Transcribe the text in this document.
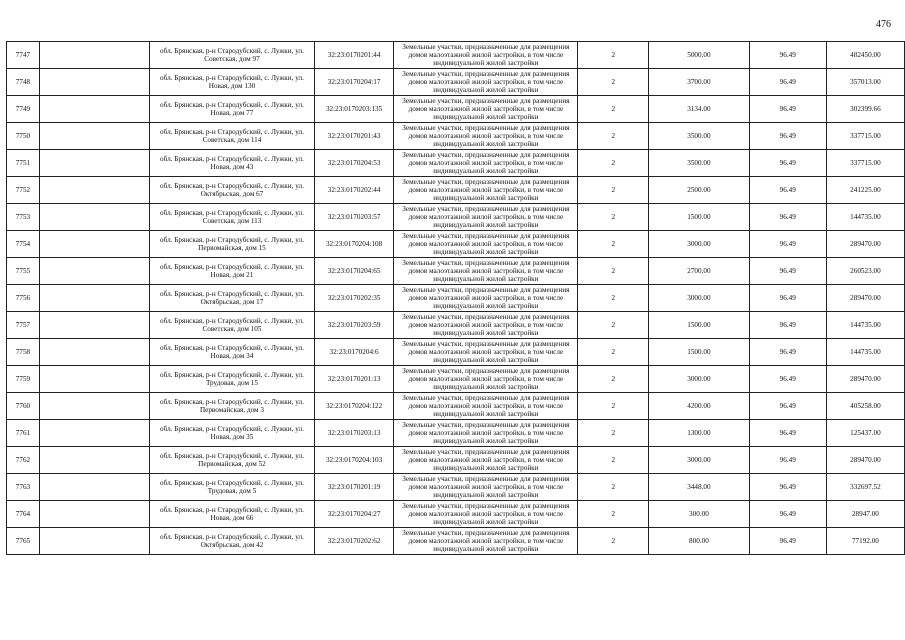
476
7747		обл. Брянская, р-н Стародубский, с. Лужки, ул. Советская, дом 97	32:23:0170201:44	Земельные участки, предназначенные для размещения домов малоэтажной жилой застройки, в том числе индивидуальной жилой застройки	2	5000.00	96.49	482450.00
7748		обл. Брянская, р-н Стародубский, с. Лужки, ул. Новая, дом 130	32:23:0170204:17	Земельные участки, предназначенные для размещения домов малоэтажной жилой застройки, в том числе индивидуальной жилой застройки	2	3700.00	96.49	357013.00
7749		обл. Брянская, р-н Стародубский, с. Лужки, ул. Новая, дом 77	32:23:0170203:135	Земельные участки, предназначенные для размещения домов малоэтажной жилой застройки, в том числе индивидуальной жилой застройки	2	3134.00	96.49	302399.66
7750		обл. Брянская, р-н Стародубский, с. Лужки, ул. Советская, дом 114	32:23:0170201:43	Земельные участки, предназначенные для размещения домов малоэтажной жилой застройки, в том числе индивидуальной жилой застройки	2	3500.00	96.49	337715.00
7751		обл. Брянская, р-н Стародубский, с. Лужки, ул. Новая, дом 43	32:23:0170204:53	Земельные участки, предназначенные для размещения домов малоэтажной жилой застройки, в том числе индивидуальной жилой застройки	2	3500.00	96.49	337715.00
7752		обл. Брянская, р-н Стародубский, с. Лужки, ул. Октябрьская, дом 67	32:23:0170202:44	Земельные участки, предназначенные для размещения домов малоэтажной жилой застройки, в том числе индивидуальной жилой застройки	2	2500.00	96.49	241225.00
7753		обл. Брянская, р-н Стародубский, с. Лужки, ул. Советская, дом 113	32:23:0170203:57	Земельные участки, предназначенные для размещения домов малоэтажной жилой застройки, в том числе индивидуальной жилой застройки	2	1500.00	96.49	144735.00
7754		обл. Брянская, р-н Стародубский, с. Лужки, ул. Первомайская, дом 15	32:23:0170204:108	Земельные участки, предназначенные для размещения домов малоэтажной жилой застройки, в том числе индивидуальной жилой застройки	2	3000.00	96.49	289470.00
7755		обл. Брянская, р-н Стародубский, с. Лужки, ул. Новая, дом 21	32:23:0170204:65	Земельные участки, предназначенные для размещения домов малоэтажной жилой застройки, в том числе индивидуальной жилой застройки	2	2700.00	96.49	260523.00
7756		обл. Брянская, р-н Стародубский, с. Лужки, ул. Октябрьская, дом 17	32:23:0170202:35	Земельные участки, предназначенные для размещения домов малоэтажной жилой застройки, в том числе индивидуальной жилой застройки	2	3000.00	96.49	289470.00
7757		обл. Брянская, р-н Стародубский, с. Лужки, ул. Советская, дом 105	32:23:0170203:59	Земельные участки, предназначенные для размещения домов малоэтажной жилой застройки, в том числе индивидуальной жилой застройки	2	1500.00	96.49	144735.00
7758		обл. Брянская, р-н Стародубский, с. Лужки, ул. Новая, дом 34	32:23:0170204:6	Земельные участки, предназначенные для размещения домов малоэтажной жилой застройки, в том числе индивидуальной жилой застройки	2	1500.00	96.49	144735.00
7759		обл. Брянская, р-н Стародубский, с. Лужки, ул. Трудовая, дом 15	32:23:0170201:13	Земельные участки, предназначенные для размещения домов малоэтажной жилой застройки, в том числе индивидуальной жилой застройки	2	3000.00	96.49	289470.00
7760		обл. Брянская, р-н Стародубский, с. Лужки, ул. Первомайская, дом 3	32:23:0170204:122	Земельные участки, предназначенные для размещения домов малоэтажной жилой застройки, в том числе индивидуальной жилой застройки	2	4200.00	96.49	405258.00
7761		обл. Брянская, р-н Стародубский, с. Лужки, ул. Новая, дом 35	32:23:0170203:13	Земельные участки, предназначенные для размещения домов малоэтажной жилой застройки, в том числе индивидуальной жилой застройки	2	1300.00	96.49	125437.00
7762		обл. Брянская, р-н Стародубский, с. Лужки, ул. Первомайская, дом 52	32:23:0170204:103	Земельные участки, предназначенные для размещения домов малоэтажной жилой застройки, в том числе индивидуальной жилой застройки	2	3000.00	96.49	289470.00
7763		обл. Брянская, р-н Стародубский, с. Лужки, ул. Трудовая, дом 5	32:23:0170201:19	Земельные участки, предназначенные для размещения домов малоэтажной жилой застройки, в том числе индивидуальной жилой застройки	2	3448.00	96.49	332697.52
7764		обл. Брянская, р-н Стародубский, с. Лужки, ул. Новая, дом 66	32:23:0170204:27	Земельные участки, предназначенные для размещения домов малоэтажной жилой застройки, в том числе индивидуальной жилой застройки	2	300.00	96.49	28947.00
7765		обл. Брянская, р-н Стародубский, с. Лужки, ул. Октябрьская, дом 42	32:23:0170202:62	Земельные участки, предназначенные для размещения домов малоэтажной жилой застройки, в том числе индивидуальной жилой застройки	2	800.00	96.49	77192.00
